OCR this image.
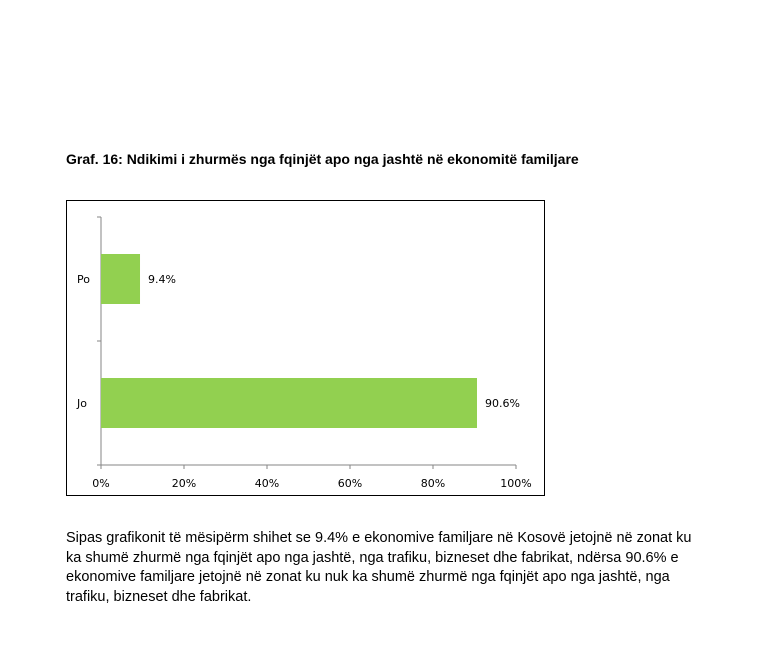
Graf. 16: Ndikimi i zhurmës nga fqinjët apo nga jashtë në ekonomitë familjare
0%	20%	40%	60%	80%	100%
Po	9.4%
Jo	90.6%

Sipas grafikonit të mësipërm shihet se 9.4% e ekonomive familjare në Kosovë jetojnë në zonat ku ka shumë zhurmë nga fqinjët apo nga jashtë, nga trafiku, bizneset dhe fabrikat, ndërsa 90.6% e ekonomive familjare jetojnë në zonat ku nuk ka shumë zhurmë nga fqinjët apo nga jashtë, nga trafiku, bizneset dhe fabrikat.
